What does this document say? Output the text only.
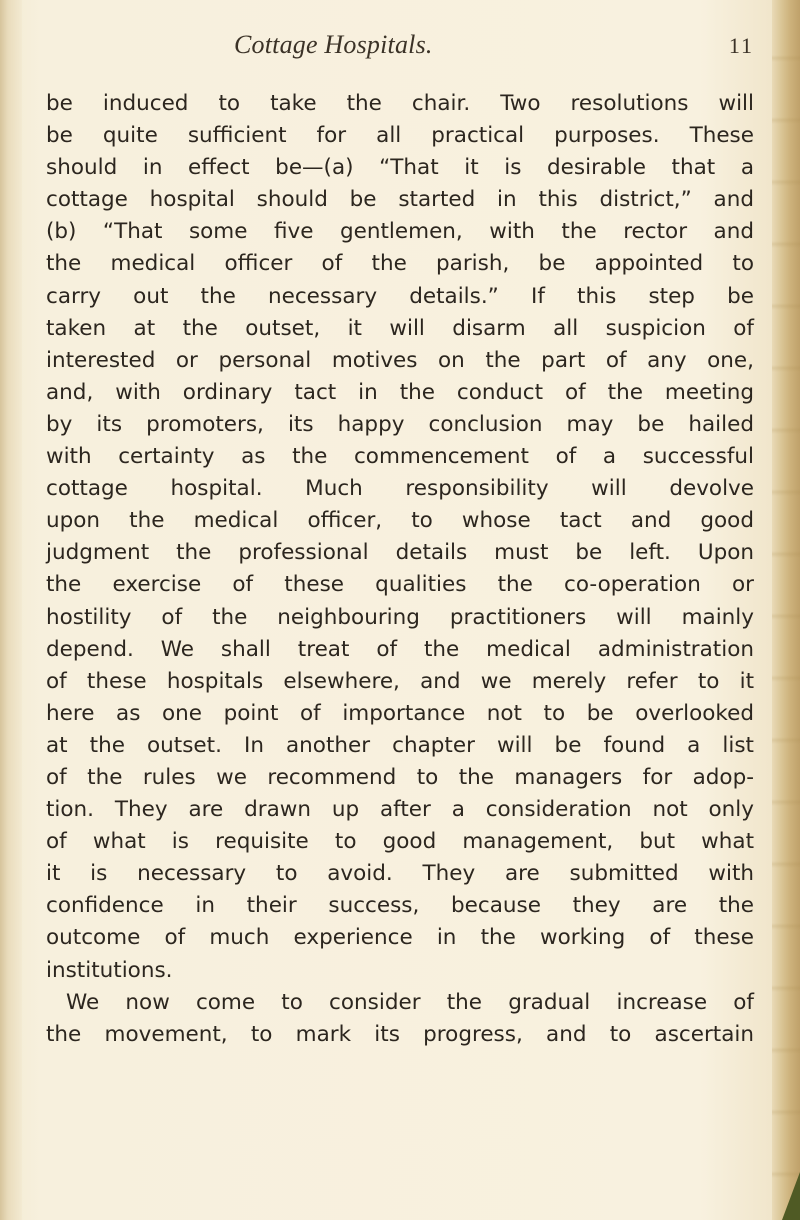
Cottage Hospitals.	11
be induced to take the chair. Two resolutions will
be quite sufficient for all practical purposes. These
should in effect be—(a) “That it is desirable that a
cottage hospital should be started in this district,” and
(b) “That some five gentlemen, with the rector and
the medical officer of the parish, be appointed to
carry out the necessary details.” If this step be
taken at the outset, it will disarm all suspicion of
interested or personal motives on the part of any one,
and, with ordinary tact in the conduct of the meeting
by its promoters, its happy conclusion may be hailed
with certainty as the commencement of a successful
cottage hospital. Much responsibility will devolve
upon the medical officer, to whose tact and good
judgment the professional details must be left. Upon
the exercise of these qualities the co-operation or
hostility of the neighbouring practitioners will mainly
depend. We shall treat of the medical administration
of these hospitals elsewhere, and we merely refer to it
here as one point of importance not to be overlooked
at the outset. In another chapter will be found a list
of the rules we recommend to the managers for adop-
tion. They are drawn up after a consideration not only
of what is requisite to good management, but what
it is necessary to avoid. They are submitted with
confidence in their success, because they are the
outcome of much experience in the working of these
institutions.
We now come to consider the gradual increase of
the movement, to mark its progress, and to ascertain
